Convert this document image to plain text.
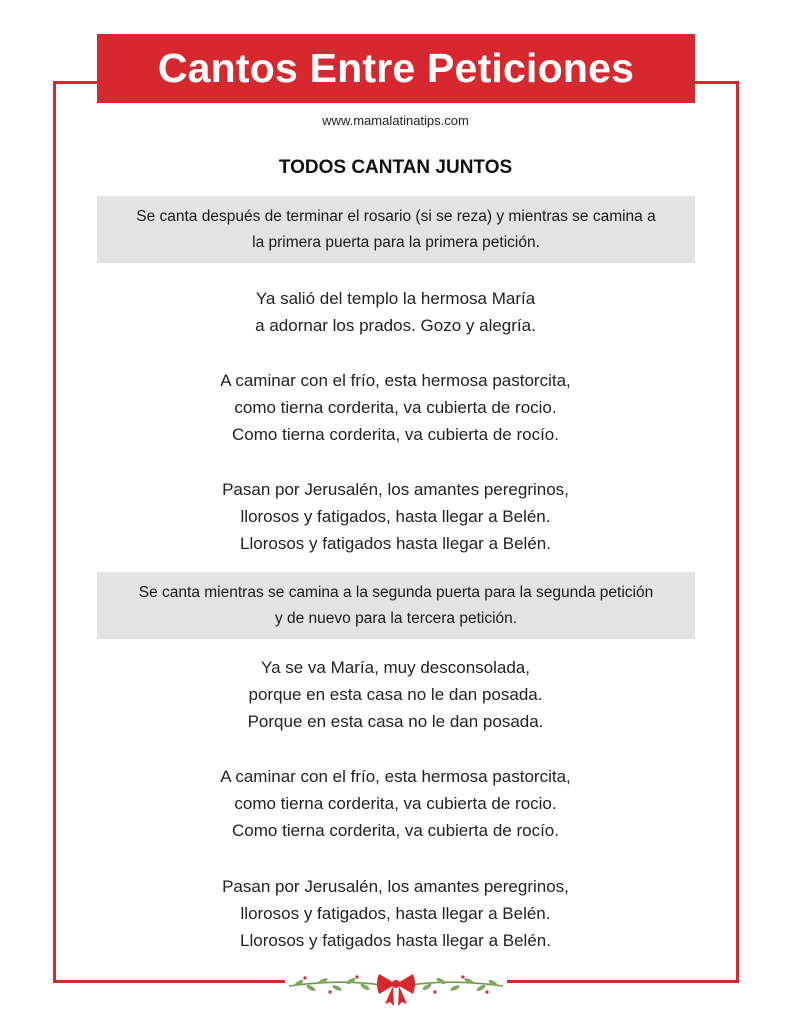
Cantos Entre Peticiones
www.mamalatinatips.com
TODOS CANTAN JUNTOS
Se canta después de terminar el rosario (si se reza) y mientras se camina a
la primera puerta para la primera petición.
Ya salió del templo la hermosa María
a adornar los prados. Gozo y alegría.
A caminar con el frío, esta hermosa pastorcita,
como tierna corderita, va cubierta de rocio.
Como tierna corderita, va cubierta de rocío.
Pasan por Jerusalén, los amantes peregrinos,
llorosos y fatigados, hasta llegar a Belén.
Llorosos y fatigados hasta llegar a Belén.
Se canta mientras se camina a la segunda puerta para la segunda petición
y de nuevo para la tercera petición.
Ya se va María, muy desconsolada,
porque en esta casa no le dan posada.
Porque en esta casa no le dan posada.
A caminar con el frío, esta hermosa pastorcita,
como tierna corderita, va cubierta de rocio.
Como tierna corderita, va cubierta de rocío.
Pasan por Jerusalén, los amantes peregrinos,
llorosos y fatigados, hasta llegar a Belén.
Llorosos y fatigados hasta llegar a Belén.
